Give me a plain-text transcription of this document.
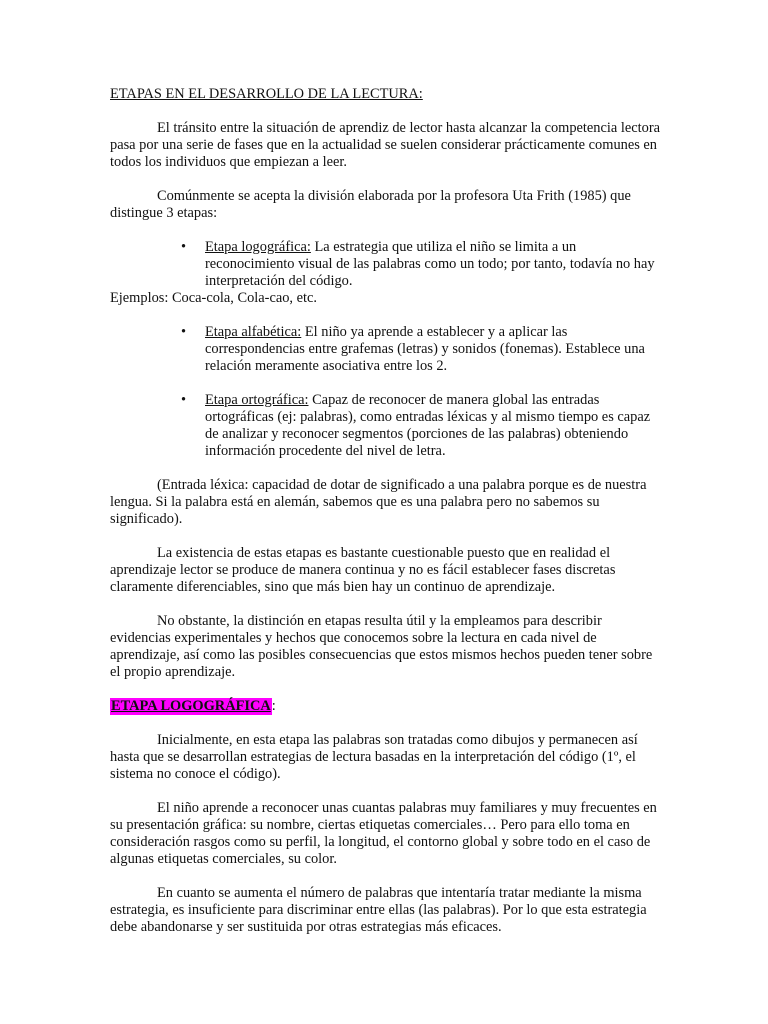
ETAPAS EN EL DESARROLLO DE LA LECTURA:

El tránsito entre la situación de aprendiz de lector hasta alcanzar la competencia lectora pasa por una serie de fases que en la actualidad se suelen considerar prácticamente comunes en todos los individuos que empiezan a leer.

Comúnmente se acepta la división elaborada por la profesora Uta Frith (1985) que distingue 3 etapas:

• Etapa logográfica: La estrategia que utiliza el niño se limita a un reconocimiento visual de las palabras como un todo; por tanto, todavía no hay interpretación del código.

Ejemplos: Coca-cola, Cola-cao, etc.

• Etapa alfabética: El niño ya aprende a establecer y a aplicar las correspondencias entre grafemas (letras) y sonidos (fonemas). Establece una relación meramente asociativa entre los 2.
• Etapa ortográfica: Capaz de reconocer de manera global las entradas ortográficas (ej: palabras), como entradas léxicas y al mismo tiempo es capaz de analizar y reconocer segmentos (porciones de las palabras) obteniendo información procedente del nivel de letra.

(Entrada léxica: capacidad de dotar de significado a una palabra porque es de nuestra lengua. Si la palabra está en alemán, sabemos que es una palabra pero no sabemos su significado).

La existencia de estas etapas es bastante cuestionable puesto que en realidad el aprendizaje lector se produce de manera continua y no es fácil establecer fases discretas claramente diferenciables, sino que más bien hay un continuo de aprendizaje.

No obstante, la distinción en etapas resulta útil y la empleamos para describir evidencias experimentales y hechos que conocemos sobre la lectura en cada nivel de aprendizaje, así como las posibles consecuencias que estos mismos hechos pueden tener sobre el propio aprendizaje.

ETAPA LOGOGRÁFICA:

Inicialmente, en esta etapa las palabras son tratadas como dibujos y permanecen así hasta que se desarrollan estrategias de lectura basadas en la interpretación del código (1º, el sistema no conoce el código).

El niño aprende a reconocer unas cuantas palabras muy familiares y muy frecuentes en su presentación gráfica: su nombre, ciertas etiquetas comerciales… Pero para ello toma en consideración rasgos como su perfil, la longitud, el contorno global y sobre todo en el caso de algunas etiquetas comerciales, su color.

En cuanto se aumenta el número de palabras que intentaría tratar mediante la misma estrategia, es insuficiente para discriminar entre ellas (las palabras). Por lo que esta estrategia debe abandonarse y ser sustituida por otras estrategias más eficaces.
